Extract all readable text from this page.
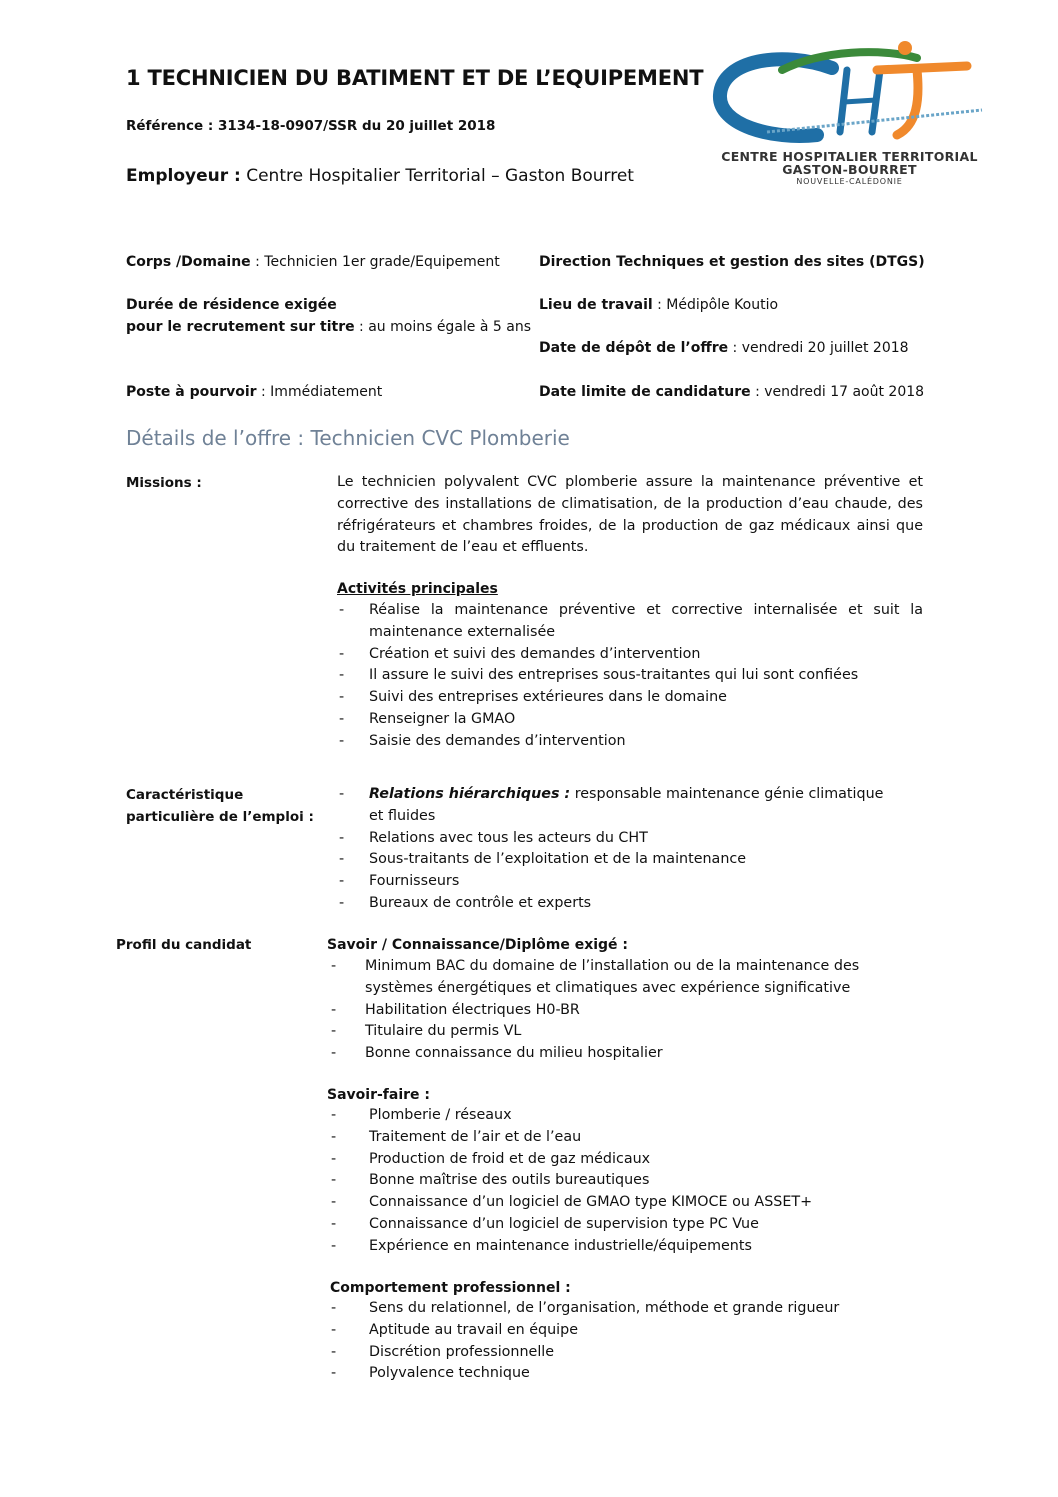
1 TECHNICIEN DU BATIMENT ET DE L’EQUIPEMENT
Référence : 3134-18-0907/SSR du 20 juillet 2018
Employeur : Centre Hospitalier Territorial – Gaston Bourret
CENTRE HOSPITALIER TERRITORIAL
GASTON-BOURRET
NOUVELLE-CALÉDONIE
Corps /Domaine : Technicien 1er grade/Equipement	Direction Techniques et gestion des sites (DTGS)
Durée de résidence exigée
pour le recrutement sur titre : au moins égale à 5 ans
Lieu de travail : Médipôle Koutio
Date de dépôt de l’offre : vendredi 20 juillet 2018
Poste à pourvoir : Immédiatement	Date limite de candidature : vendredi 17 août 2018
Détails de l’offre : Technicien CVC Plomberie
Missions :	Le technicien polyvalent CVC plomberie assure la maintenance préventive et corrective des installations de climatisation, de la production d’eau chaude, des réfrigérateurs et chambres froides, de la production de gaz médicaux ainsi que du traitement de l’eau et effluents.
Activités principales
- Réalise la maintenance préventive et corrective internalisée et suit la maintenance externalisée
- Création et suivi des demandes d’intervention
- Il assure le suivi des entreprises sous-traitantes qui lui sont confiées
- Suivi des entreprises extérieures dans le domaine
- Renseigner la GMAO
- Saisie des demandes d’intervention
Caractéristique
particulière de l’emploi :
- Relations hiérarchiques : responsable maintenance génie climatique et fluides
- Relations avec tous les acteurs du CHT
- Sous-traitants de l’exploitation et de la maintenance
- Fournisseurs
- Bureaux de contrôle et experts
Profil du candidat	Savoir / Connaissance/Diplôme exigé :
- Minimum BAC du domaine de l’installation ou de la maintenance des systèmes énergétiques et climatiques avec expérience significative
- Habilitation électriques H0-BR
- Titulaire du permis VL
- Bonne connaissance du milieu hospitalier
Savoir-faire :
- Plomberie / réseaux
- Traitement de l’air et de l’eau
- Production de froid et de gaz médicaux
- Bonne maîtrise des outils bureautiques
- Connaissance d’un logiciel de GMAO type KIMOCE ou ASSET+
- Connaissance d’un logiciel de supervision type PC Vue
- Expérience en maintenance industrielle/équipements
Comportement professionnel :
- Sens du relationnel, de l’organisation, méthode et grande rigueur
- Aptitude au travail en équipe
- Discrétion professionnelle
- Polyvalence technique
